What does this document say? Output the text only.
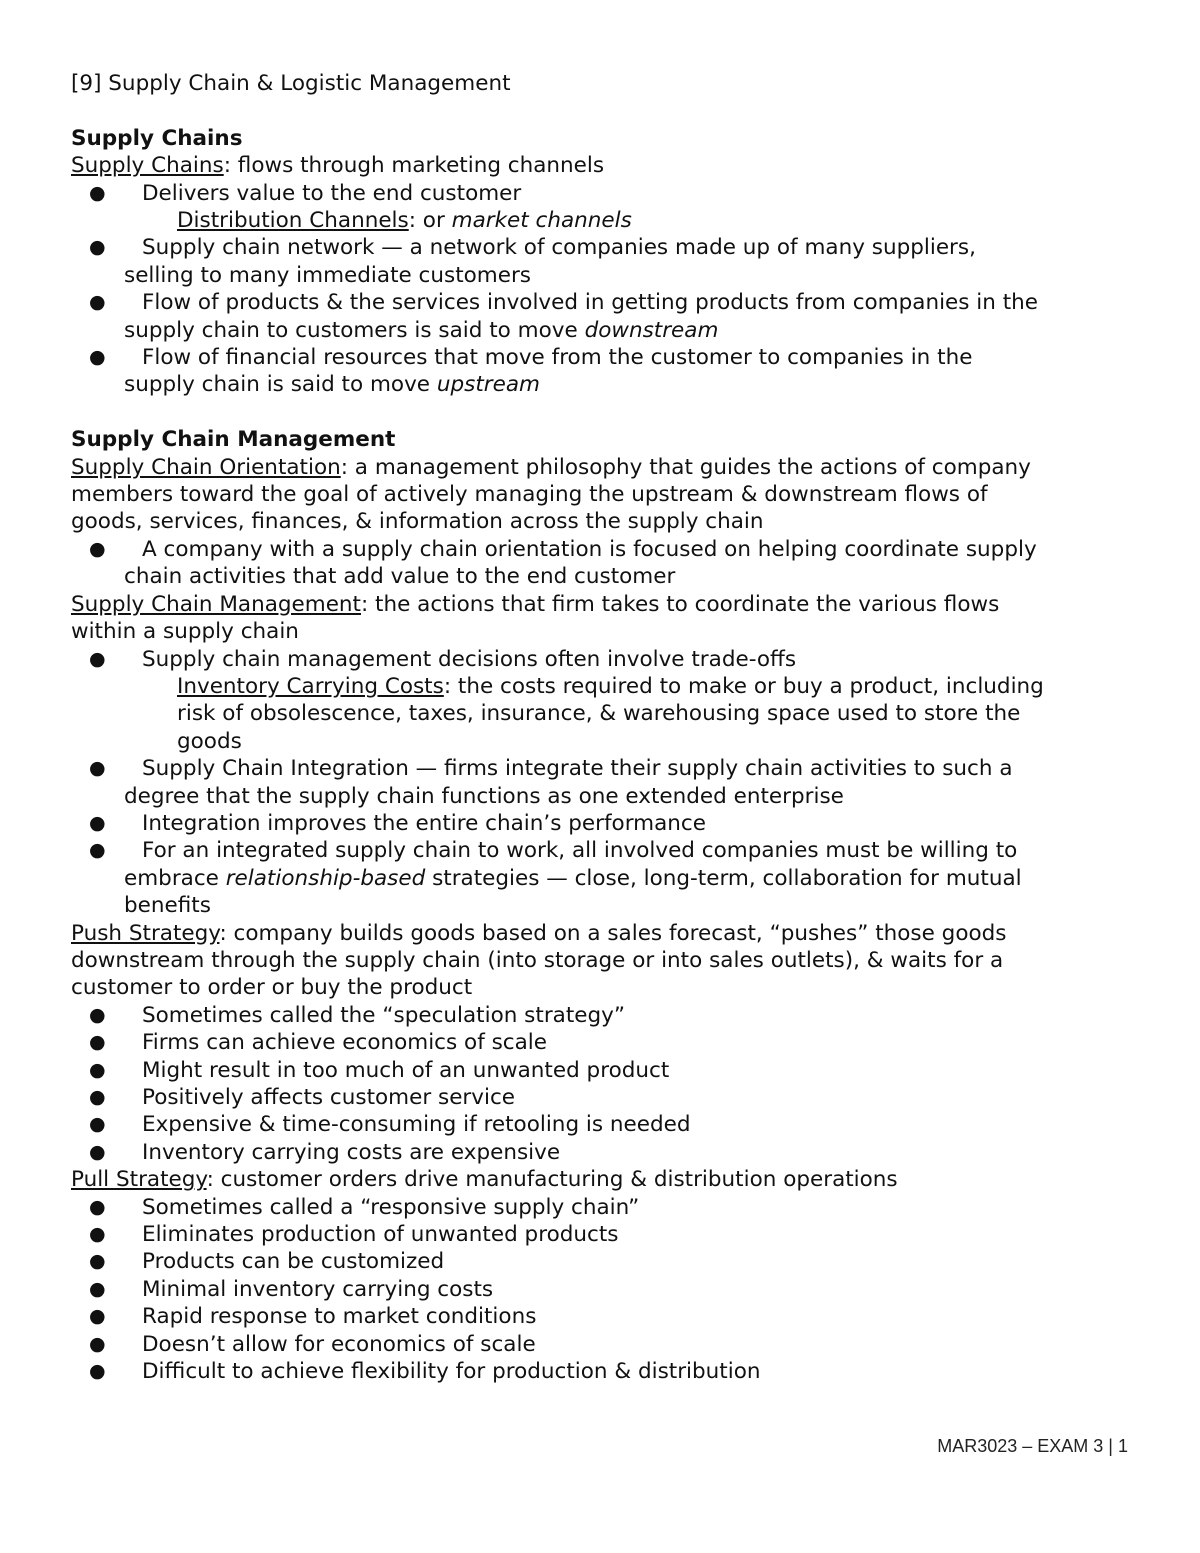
[9] Supply Chain & Logistic Management
Supply Chains
Supply Chains: flows through marketing channels
● Delivers value to the end customer
Distribution Channels: or market channels
● Supply chain network — a network of companies made up of many suppliers,
selling to many immediate customers
● Flow of products & the services involved in getting products from companies in the
supply chain to customers is said to move downstream
● Flow of financial resources that move from the customer to companies in the
supply chain is said to move upstream
Supply Chain Management
Supply Chain Orientation: a management philosophy that guides the actions of company
members toward the goal of actively managing the upstream & downstream flows of
goods, services, finances, & information across the supply chain
● A company with a supply chain orientation is focused on helping coordinate supply
chain activities that add value to the end customer
Supply Chain Management: the actions that firm takes to coordinate the various flows
within a supply chain
● Supply chain management decisions often involve trade-offs
Inventory Carrying Costs: the costs required to make or buy a product, including
risk of obsolescence, taxes, insurance, & warehousing space used to store the
goods
● Supply Chain Integration — firms integrate their supply chain activities to such a
degree that the supply chain functions as one extended enterprise
● Integration improves the entire chain’s performance
● For an integrated supply chain to work, all involved companies must be willing to
embrace relationship-based strategies — close, long-term, collaboration for mutual
benefits
Push Strategy: company builds goods based on a sales forecast, “pushes” those goods
downstream through the supply chain (into storage or into sales outlets), & waits for a
customer to order or buy the product
● Sometimes called the “speculation strategy”
● Firms can achieve economics of scale
● Might result in too much of an unwanted product
● Positively affects customer service
● Expensive & time-consuming if retooling is needed
● Inventory carrying costs are expensive
Pull Strategy: customer orders drive manufacturing & distribution operations
● Sometimes called a “responsive supply chain”
● Eliminates production of unwanted products
● Products can be customized
● Minimal inventory carrying costs
● Rapid response to market conditions
● Doesn’t allow for economics of scale
● Difficult to achieve flexibility for production & distribution
MAR3023 – EXAM 3 | 1
